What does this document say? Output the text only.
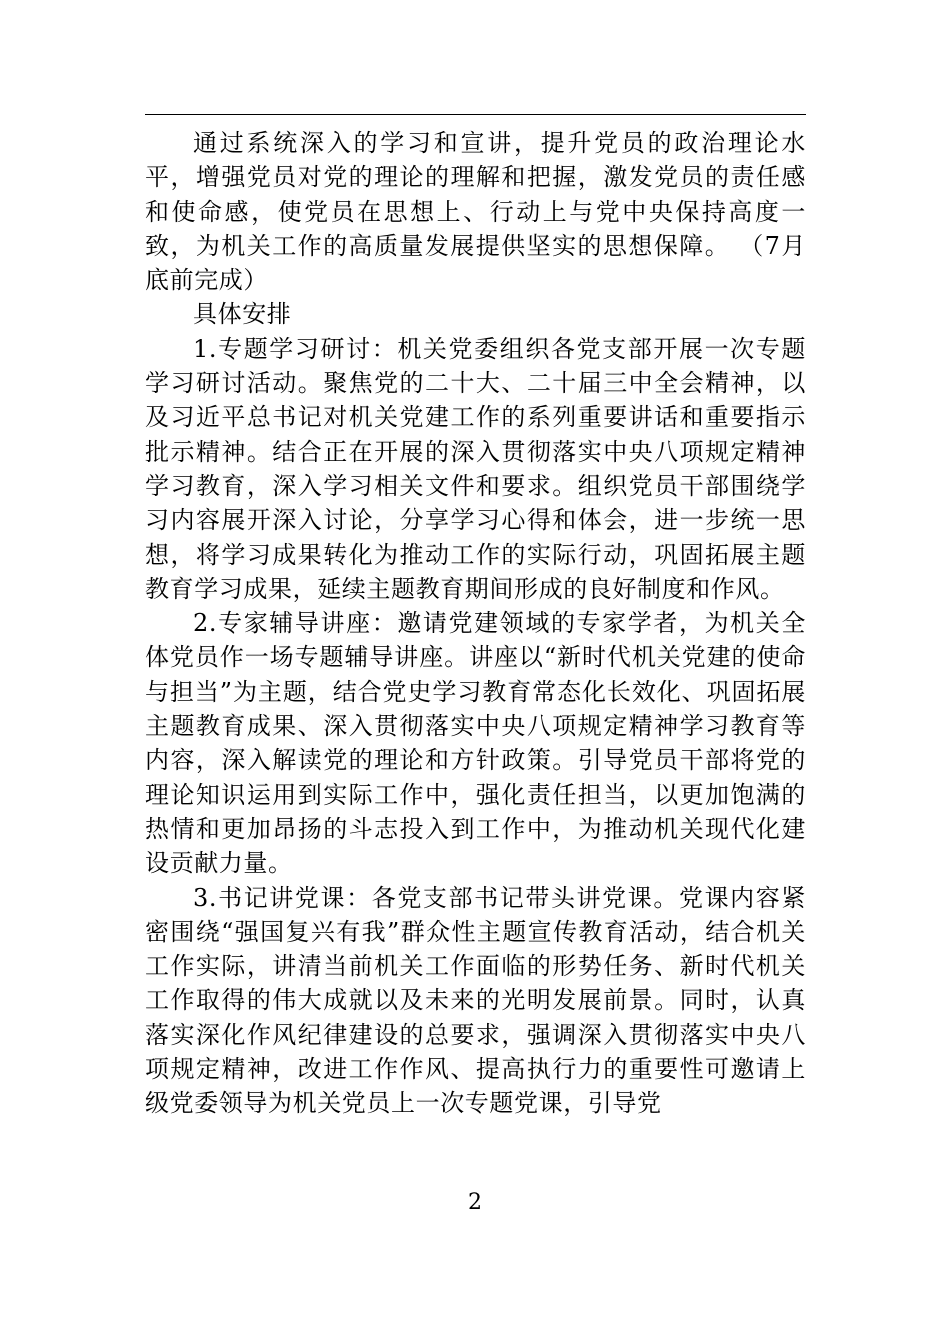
通过系统深入的学习和宣讲，提升党员的政治理论水平，增强党员对党的理论的理解和把握，激发党员的责任感和使命感，使党员在思想上、行动上与党中央保持高度一致，为机关工作的高质量发展提供坚实的思想保障。 （7月底前完成）

具体安排

1.专题学习研讨：机关党委组织各党支部开展一次专题学习研讨活动。聚焦党的二十大、二十届三中全会精神，以及习近平总书记对机关党建工作的系列重要讲话和重要指示批示精神。结合正在开展的深入贯彻落实中央八项规定精神学习教育，深入学习相关文件和要求。组织党员干部围绕学习内容展开深入讨论，分享学习心得和体会，进一步统一思想，将学习成果转化为推动工作的实际行动，巩固拓展主题教育学习成果，延续主题教育期间形成的良好制度和作风。

2.专家辅导讲座：邀请党建领域的专家学者，为机关全体党员作一场专题辅导讲座。讲座以“新时代机关党建的使命与担当”为主题，结合党史学习教育常态化长效化、巩固拓展主题教育成果、深入贯彻落实中央八项规定精神学习教育等内容，深入解读党的理论和方针政策。引导党员干部将党的理论知识运用到实际工作中，强化责任担当，以更加饱满的热情和更加昂扬的斗志投入到工作中，为推动机关现代化建设贡献力量。

3.书记讲党课：各党支部书记带头讲党课。党课内容紧密围绕“强国复兴有我”群众性主题宣传教育活动，结合机关工作实际，讲清当前机关工作面临的形势任务、新时代机关工作取得的伟大成就以及未来的光明发展前景。同时，认真落实深化作风纪律建设的总要求，强调深入贯彻落实中央八项规定精神，改进工作作风、提高执行力的重要性可邀请上级党委领导为机关党员上一次专题党课，引导党

2
